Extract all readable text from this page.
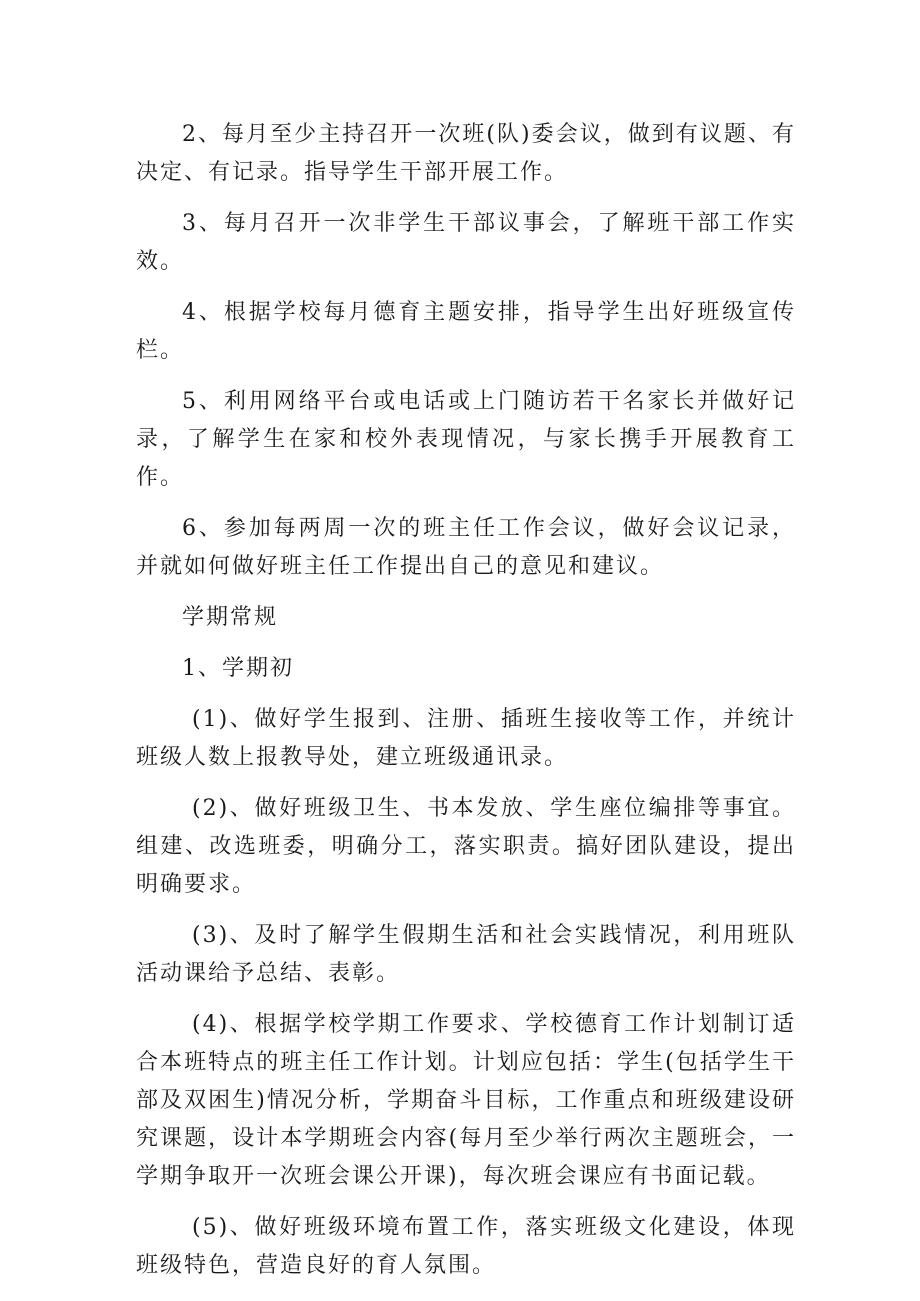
2、每月至少主持召开一次班(队)委会议，做到有议题、有决定、有记录。指导学生干部开展工作。

3、每月召开一次非学生干部议事会，了解班干部工作实效。

4、根据学校每月德育主题安排，指导学生出好班级宣传栏。

5、利用网络平台或电话或上门随访若干名家长并做好记录，了解学生在家和校外表现情况，与家长携手开展教育工作。

6、参加每两周一次的班主任工作会议，做好会议记录，并就如何做好班主任工作提出自己的意见和建议。

学期常规

1、学期初

(1)、做好学生报到、注册、插班生接收等工作，并统计班级人数上报教导处，建立班级通讯录。

(2)、做好班级卫生、书本发放、学生座位编排等事宜。组建、改选班委，明确分工，落实职责。搞好团队建设，提出明确要求。

(3)、及时了解学生假期生活和社会实践情况，利用班队活动课给予总结、表彰。

(4)、根据学校学期工作要求、学校德育工作计划制订适合本班特点的班主任工作计划。计划应包括：学生(包括学生干部及双困生)情况分析，学期奋斗目标，工作重点和班级建设研究课题，设计本学期班会内容(每月至少举行两次主题班会，一学期争取开一次班会课公开课)，每次班会课应有书面记载。

(5)、做好班级环境布置工作，落实班级文化建设，体现班级特色，营造良好的育人氛围。
